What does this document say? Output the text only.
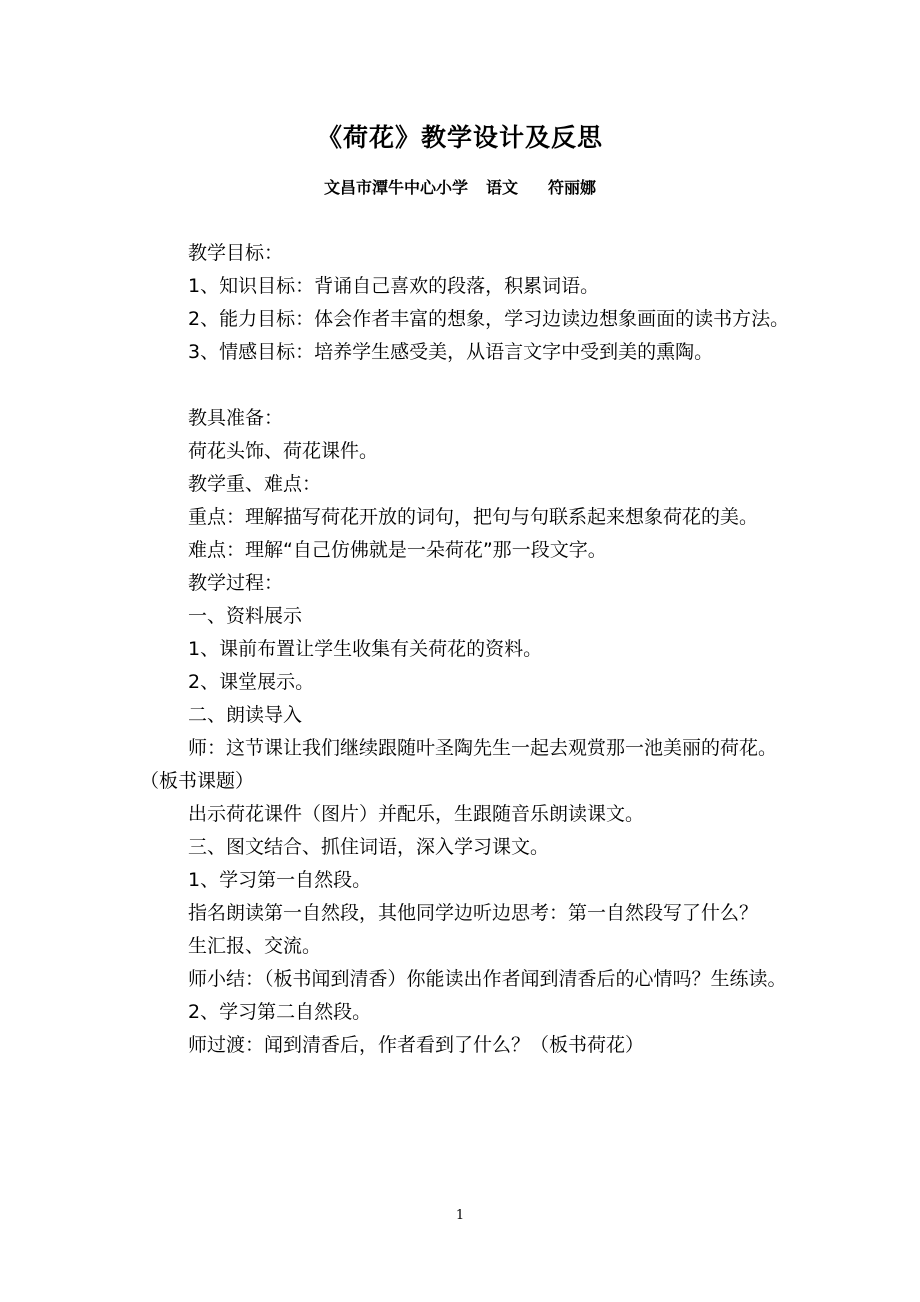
《荷花》教学设计及反思
文昌市潭牛中心小学 语文 符丽娜

教学目标：

1、知识目标：背诵自己喜欢的段落，积累词语。

2、能力目标：体会作者丰富的想象，学习边读边想象画面的读书方法。

3、情感目标：培养学生感受美，从语言文字中受到美的熏陶。

教具准备：

荷花头饰、荷花课件。

教学重、难点：

重点：理解描写荷花开放的词句，把句与句联系起来想象荷花的美。

难点：理解“自己仿佛就是一朵荷花”那一段文字。

教学过程：

一、资料展示

1、课前布置让学生收集有关荷花的资料。

2、课堂展示。

二、朗读导入

师：这节课让我们继续跟随叶圣陶先生一起去观赏那一池美丽的荷花。（板书课题）

出示荷花课件（图片）并配乐，生跟随音乐朗读课文。

三、图文结合、抓住词语，深入学习课文。

1、学习第一自然段。

指名朗读第一自然段，其他同学边听边思考：第一自然段写了什么？

生汇报、交流。

师小结：（板书闻到清香）你能读出作者闻到清香后的心情吗？生练读。

2、学习第二自然段。

师过渡：闻到清香后，作者看到了什么？（板书荷花）

1
